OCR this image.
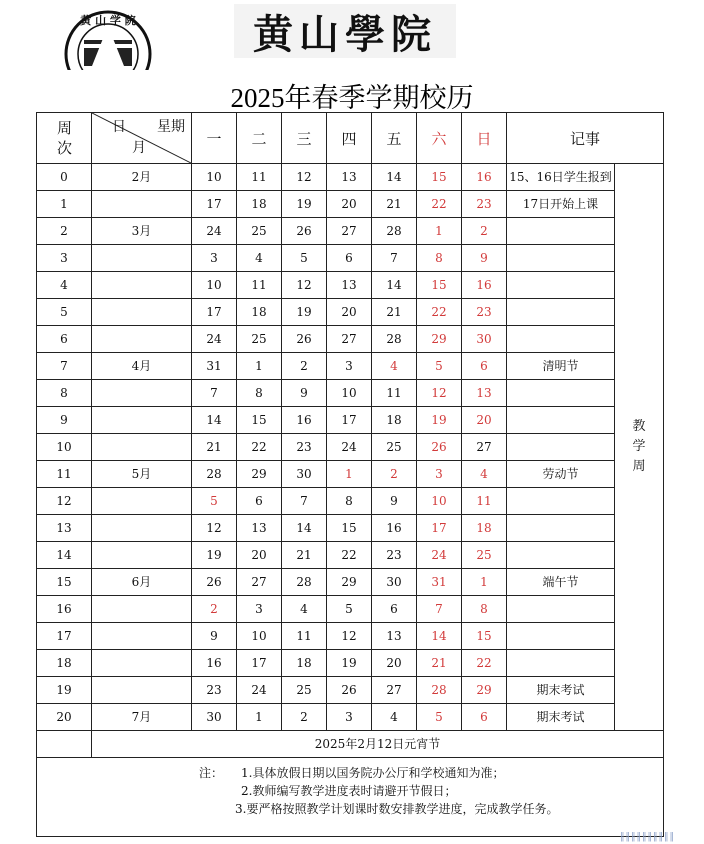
黄 山 学 院	黄山學院
2025年春季学期校历
周次	日 星期
月	一	二	三	四	五	六	日	记事	
0	2月	10	11	12	13	14	15	16	15、16日学生报到	教学周
1		17	18	19	20	21	22	23	17日开始上课	
2	3月	24	25	26	27	28	1	2		
3		3	4	5	6	7	8	9		
4		10	11	12	13	14	15	16		
5		17	18	19	20	21	22	23		
6		24	25	26	27	28	29	30		
7	4月	31	1	2	3	4	5	6	清明节	
8		7	8	9	10	11	12	13		
9		14	15	16	17	18	19	20		
10		21	22	23	24	25	26	27		
11	5月	28	29	30	1	2	3	4	劳动节	
12		5	6	7	8	9	10	11		
13		12	13	14	15	16	17	18		
14		19	20	21	22	23	24	25		
15	6月	26	27	28	29	30	31	1	端午节	
16		2	3	4	5	6	7	8		
17		9	10	11	12	13	14	15		
18		16	17	18	19	20	21	22		
19		23	24	25	26	27	28	29	期末考试	
20	7月	30	1	2	3	4	5	6	期末考试	
	2025年2月12日元宵节									

注： 1.具体放假日期以国务院办公厅和学校通知为准；
2.教师编写教学进度表时请避开节假日；
3.要严格按照教学计划课时数安排教学进度，完成教学任务。										
‖‖‖‖‖‖‖‖‖‖
